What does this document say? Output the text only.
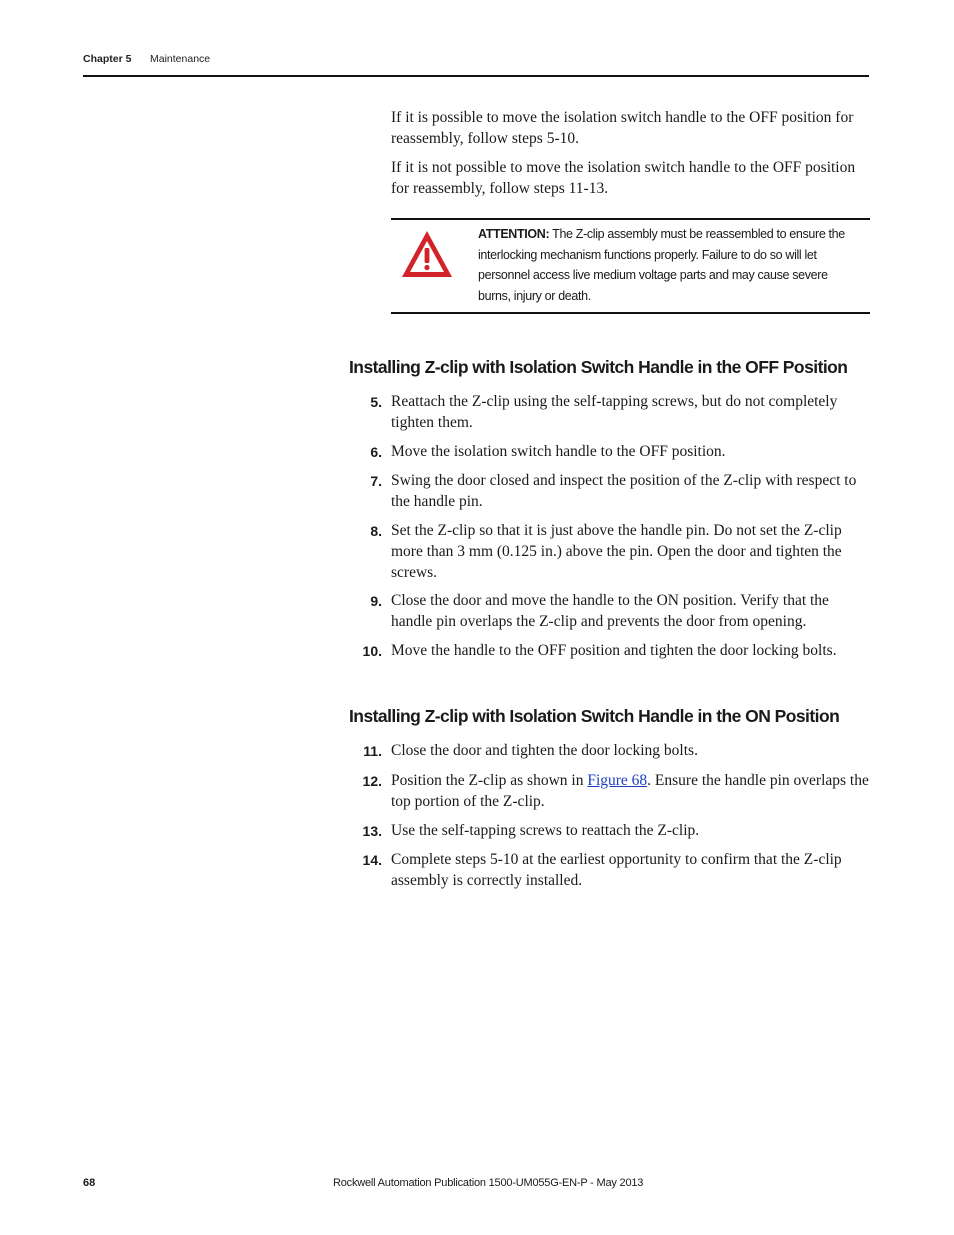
Chapter 5 Maintenance

If it is possible to move the isolation switch handle to the OFF position for reassembly, follow steps 5-10.

If it is not possible to move the isolation switch handle to the OFF position for reassembly, follow steps 11-13.

ATTENTION: The Z-clip assembly must be reassembled to ensure the interlocking mechanism functions properly. Failure to do so will let personnel access live medium voltage parts and may cause severe burns, injury or death.

Installing Z-clip with Isolation Switch Handle in the OFF Position
5. Reattach the Z-clip using the self-tapping screws, but do not completely tighten them.
6. Move the isolation switch handle to the OFF position.
7. Swing the door closed and inspect the position of the Z-clip with respect to the handle pin.
8. Set the Z-clip so that it is just above the handle pin. Do not set the Z-clip more than 3 mm (0.125 in.) above the pin. Open the door and tighten the screws.
9. Close the door and move the handle to the ON position. Verify that the handle pin overlaps the Z-clip and prevents the door from opening.
10. Move the handle to the OFF position and tighten the door locking bolts.
Installing Z-clip with Isolation Switch Handle in the ON Position
11. Close the door and tighten the door locking bolts.
12. Position the Z-clip as shown in Figure 68. Ensure the handle pin overlaps the top portion of the Z-clip.
13. Use the self-tapping screws to reattach the Z-clip.
14. Complete steps 5-10 at the earliest opportunity to confirm that the Z-clip assembly is correctly installed.
68	Rockwell Automation Publication 1500-UM055G-EN-P - May 2013
